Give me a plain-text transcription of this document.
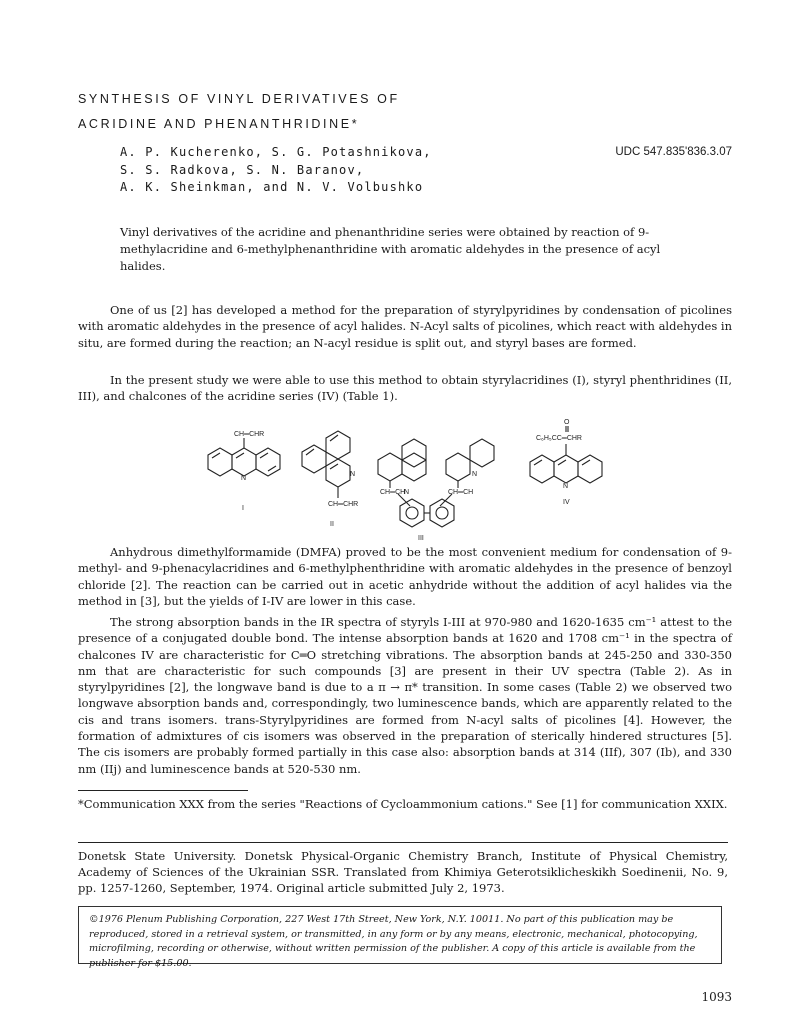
SYNTHESIS OF VINYL DERIVATIVES OF
ACRIDINE AND PHENANTHRIDINE*
A. P. Kucherenko, S. G. Potashnikova,
S. S. Radkova, S. N. Baranov,
A. K. Sheinkman, and N. V. Volbushko
UDC 547.835'836.3.07
Vinyl derivatives of the acridine and phenanthridine series were obtained by reaction of 9-methylacridine and 6-methylphenanthridine with aromatic aldehydes in the presence of acyl halides.
One of us [2] has developed a method for the preparation of styrylpyridines by condensation of picolines with aromatic aldehydes in the presence of acyl halides. N-Acyl salts of picolines, which react with aldehydes in situ, are formed during the reaction; an N-acyl residue is split out, and styryl bases are formed.
In the present study we were able to use this method to obtain styrylacridines (I), styryl phenthridines (II, III), and chalcones of the acridine series (IV) (Table 1).
CH═CHR
N
I
N
CH═CHR
II
N
N
CH═CH	CH═CH
III
O
C₆H₅CC═CHR
N
IV
Anhydrous dimethylformamide (DMFA) proved to be the most convenient medium for condensation of 9-methyl- and 9-phenacylacridines and 6-methylphenthridine with aromatic aldehydes in the presence of benzoyl chloride [2]. The reaction can be carried out in acetic anhydride without the addition of acyl halides via the method in [3], but the yields of I-IV are lower in this case.
The strong absorption bands in the IR spectra of styryls I-III at 970-980 and 1620-1635 cm⁻¹ attest to the presence of a conjugated double bond. The intense absorption bands at 1620 and 1708 cm⁻¹ in the spectra of chalcones IV are characteristic for C═O stretching vibrations. The absorption bands at 245-250 and 330-350 nm that are characteristic for such compounds [3] are present in their UV spectra (Table 2). As in styrylpyridines [2], the longwave band is due to a π → π* transition. In some cases (Table 2) we observed two longwave absorption bands and, correspondingly, two luminescence bands, which are apparently related to the cis and trans isomers. trans-Styrylpyridines are formed from N-acyl salts of picolines [4]. However, the formation of admixtures of cis isomers was observed in the preparation of sterically hindered structures [5]. The cis isomers are probably formed partially in this case also: absorption bands at 314 (IIf), 307 (Ib), and 330 nm (IIj) and luminescence bands at 520-530 nm.
*Communication XXX from the series "Reactions of Cycloammonium cations." See [1] for communication XXIX.
Donetsk State University. Donetsk Physical-Organic Chemistry Branch, Institute of Physical Chemistry, Academy of Sciences of the Ukrainian SSR. Translated from Khimiya Geterotsiklicheskikh Soedinenii, No. 9, pp. 1257-1260, September, 1974. Original article submitted July 2, 1973.
©1976 Plenum Publishing Corporation, 227 West 17th Street, New York, N.Y. 10011. No part of this publication may be reproduced, stored in a retrieval system, or transmitted, in any form or by any means, electronic, mechanical, photocopying, microfilming, recording or otherwise, without written permission of the publisher. A copy of this article is available from the publisher for $15.00.
1093
